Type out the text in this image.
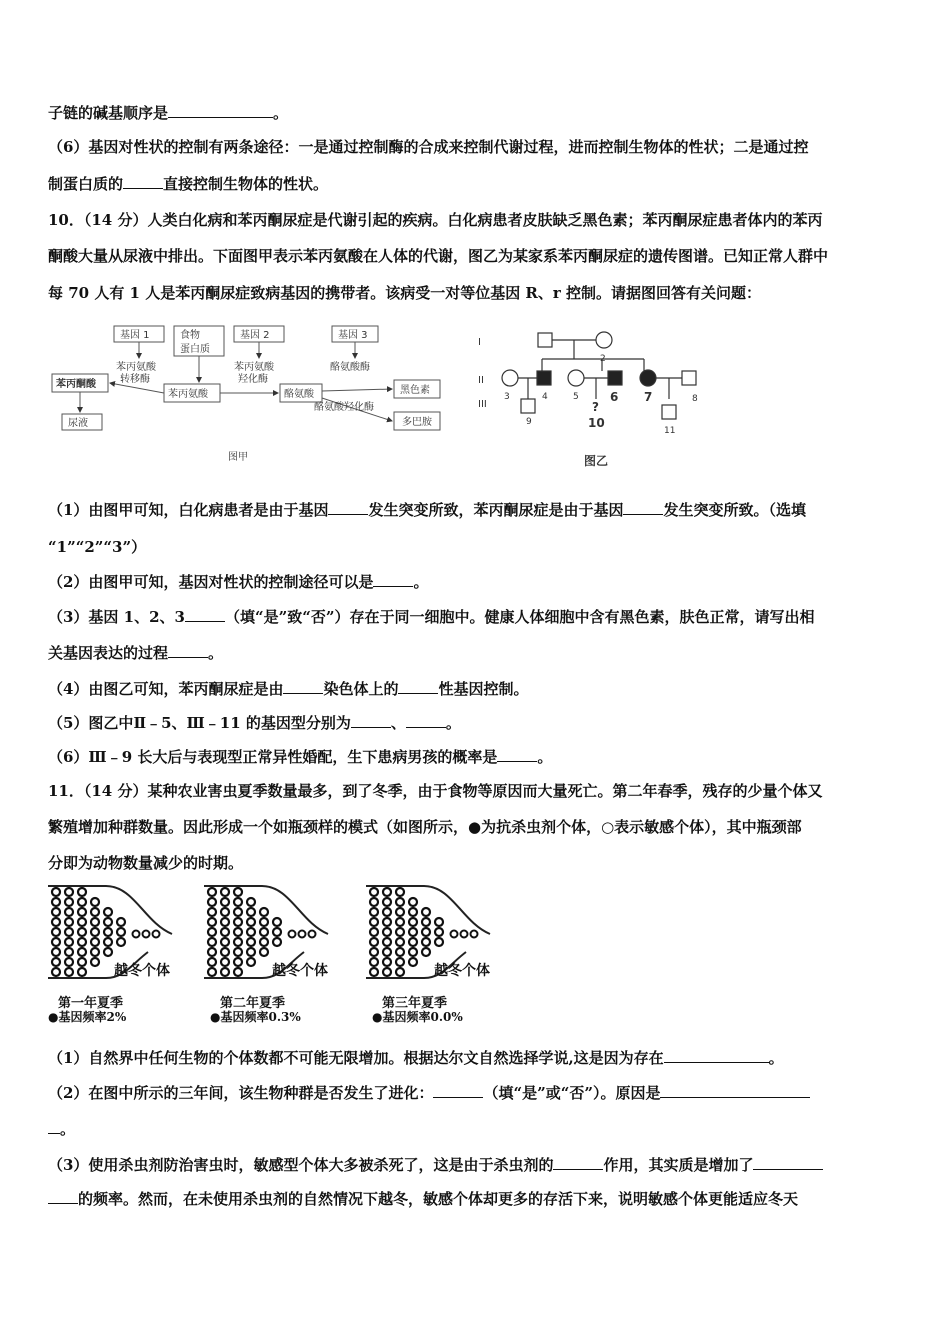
子链的碱基顺序是	。
（6）基因对性状的控制有两条途径：一是通过控制酶的合成来控制代谢过程，进而控制生物体的性状；二是通过控
制蛋白质的	直接控制生物体的性状。
10．（14 分）人类白化病和苯丙酮尿症是代谢引起的疾病。白化病患者皮肤缺乏黑色素；苯丙酮尿症患者体内的苯丙
酮酸大量从尿液中排出。下面图甲表示苯丙氨酸在人体的代谢，图乙为某家系苯丙酮尿症的遗传图谱。已知正常人群中
每 70 人有 1 人是苯丙酮尿症致病基因的携带者。该病受一对等位基因 R、r 控制。请据图回答有关问题：
基因 1	食物
蛋白质
基因 2	基因 3
苯丙氨酸
转移酶
苯丙氨酸
羟化酶
酪氨酸酶
苯丙酮酸
苯丙氨酸	酪氨酸	黑色素
尿液
酪氨酸羟化酶
多巴胺
图甲
I
II
III
2
3	4	5	6 7	8
9
?
10
11
图乙
（1）由图甲可知，白化病患者是由于基因	发生突变所致，苯丙酮尿症是由于基因	发生突变所致。（选填
“1”“2”“3”）
（2）由图甲可知，基因对性状的控制途径可以是	。
（3）基因 1、2、3	（填“是”致“否”）存在于同一细胞中。健康人体细胞中含有黑色素，肤色正常，请写出相
关基因表达的过程	。
（4）由图乙可知，苯丙酮尿症是由	染色体上的	性基因控制。
（5）图乙中Ⅱ﹣5、Ⅲ﹣11 的基因型分别为	、	。
（6）Ⅲ﹣9 长大后与表现型正常异性婚配，生下患病男孩的概率是	。
11．（14 分）某种农业害虫夏季数量最多，到了冬季，由于食物等原因而大量死亡。第二年春季，残存的少量个体又
繁殖增加种群数量。因此形成一个如瓶颈样的模式（如图所示，●为抗杀虫剂个体，○表示敏感个体），其中瓶颈部
分即为动物数量减少的时期。
越冬个体	越冬个体	越冬个体
第一年夏季
●基因频率2%
第二年夏季
●基因频率0.3%
第三年夏季
●基因频率0.0%
（1）自然界中任何生物的个体数都不可能无限增加。根据达尔文自然选择学说,这是因为存在	。
（2）在图中所示的三年间，该生物种群是否发生了进化：	（填“是”或“否”）。原因是
。
（3）使用杀虫剂防治害虫时，敏感型个体大多被杀死了，这是由于杀虫剂的	作用，其实质是增加了
的频率。然而，在未使用杀虫剂的自然情况下越冬，敏感个体却更多的存活下来，说明敏感个体更能适应冬天
